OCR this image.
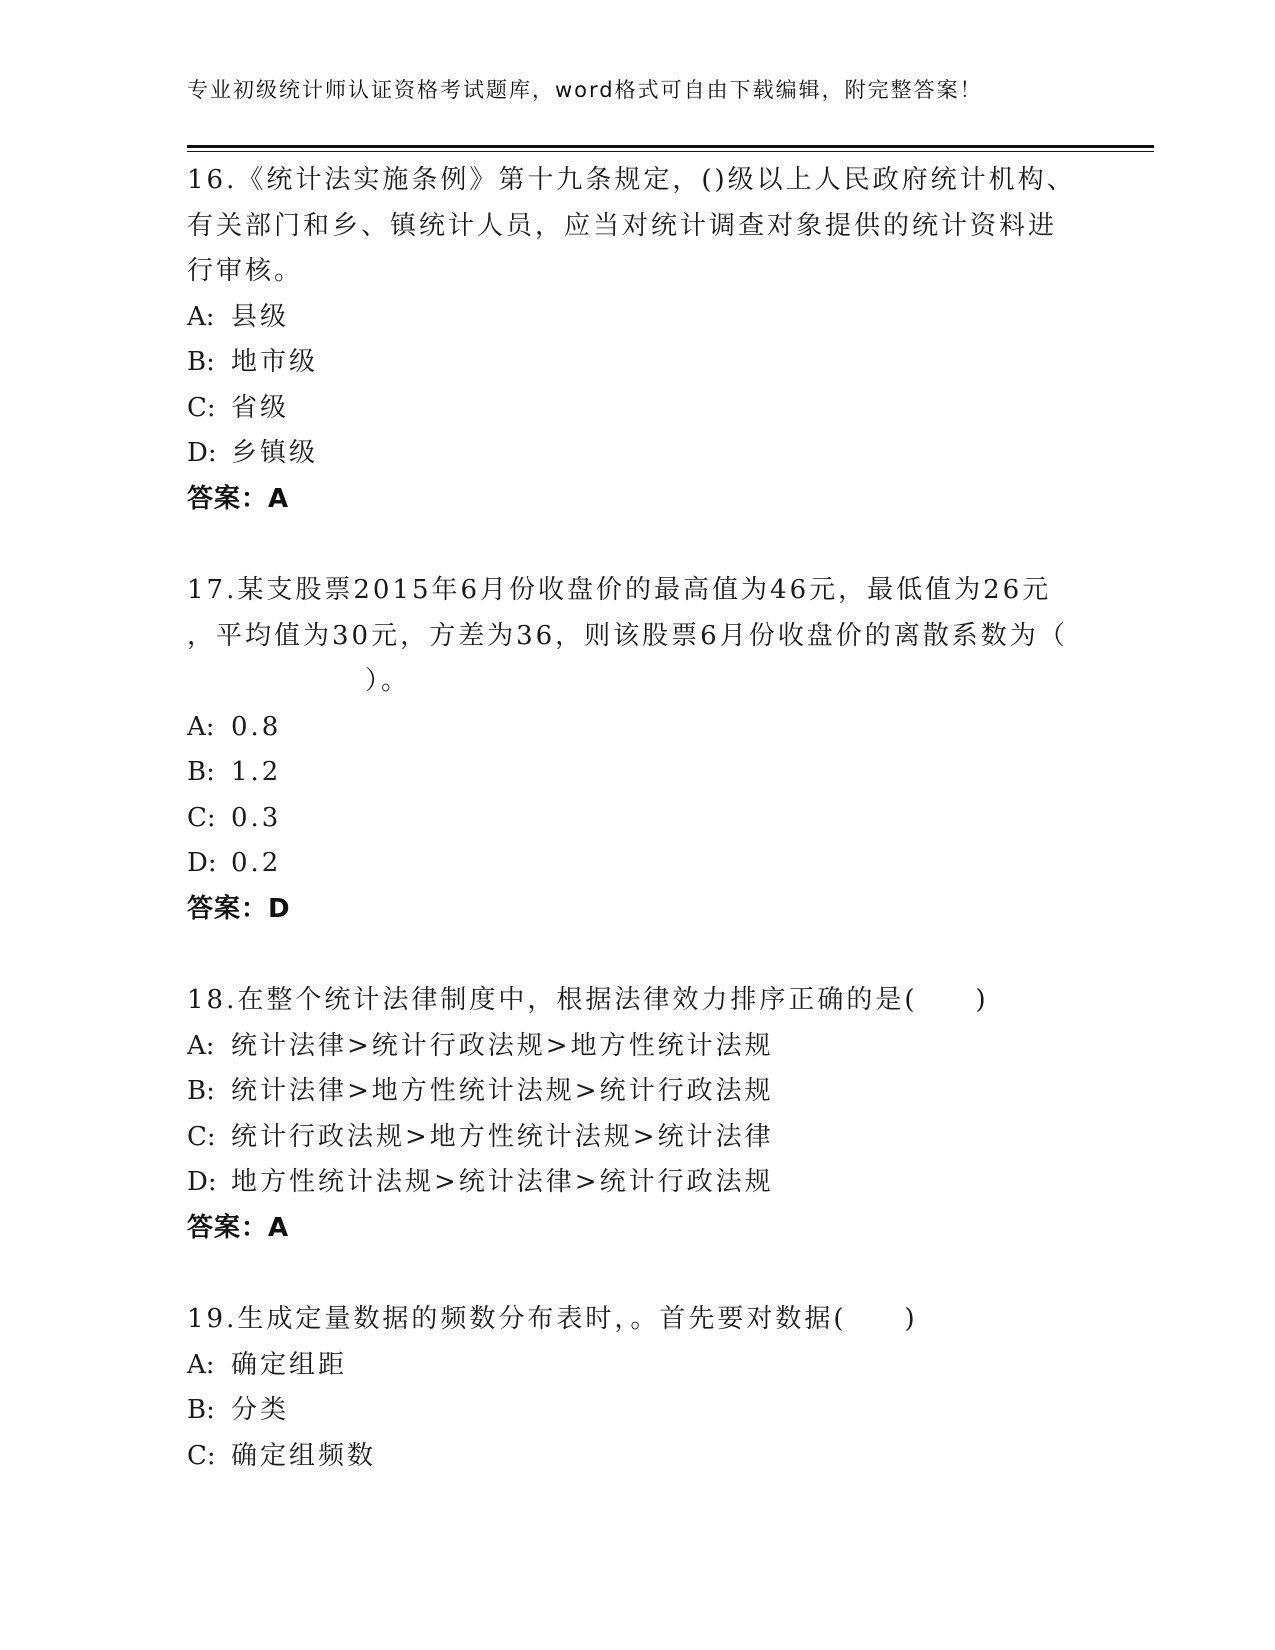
专业初级统计师认证资格考试题库，word格式可自由下载编辑，附完整答案！
16.《统计法实施条例》第十九条规定，()级以上人民政府统计机构、
有关部门和乡、镇统计人员，应当对统计调查对象提供的统计资料进
行审核。
A: 县级
B: 地市级
C: 省级
D: 乡镇级
答案：A
17.某支股票2015年6月份收盘价的最高值为46元，最低值为26元
，平均值为30元，方差为36，则该股票6月份收盘价的离散系数为（
）。
A: 0.8
B: 1.2
C: 0.3
D: 0.2
答案：D
18.在整个统计法律制度中，根据法律效力排序正确的是(　　)
A: 统计法律>统计行政法规>地方性统计法规
B: 统计法律>地方性统计法规>统计行政法规
C: 统计行政法规>地方性统计法规>统计法律
D: 地方性统计法规>统计法律>统计行政法规
答案：A
19.生成定量数据的频数分布表时，。首先要对数据(　　)
A: 确定组距
B: 分类
C: 确定组频数
